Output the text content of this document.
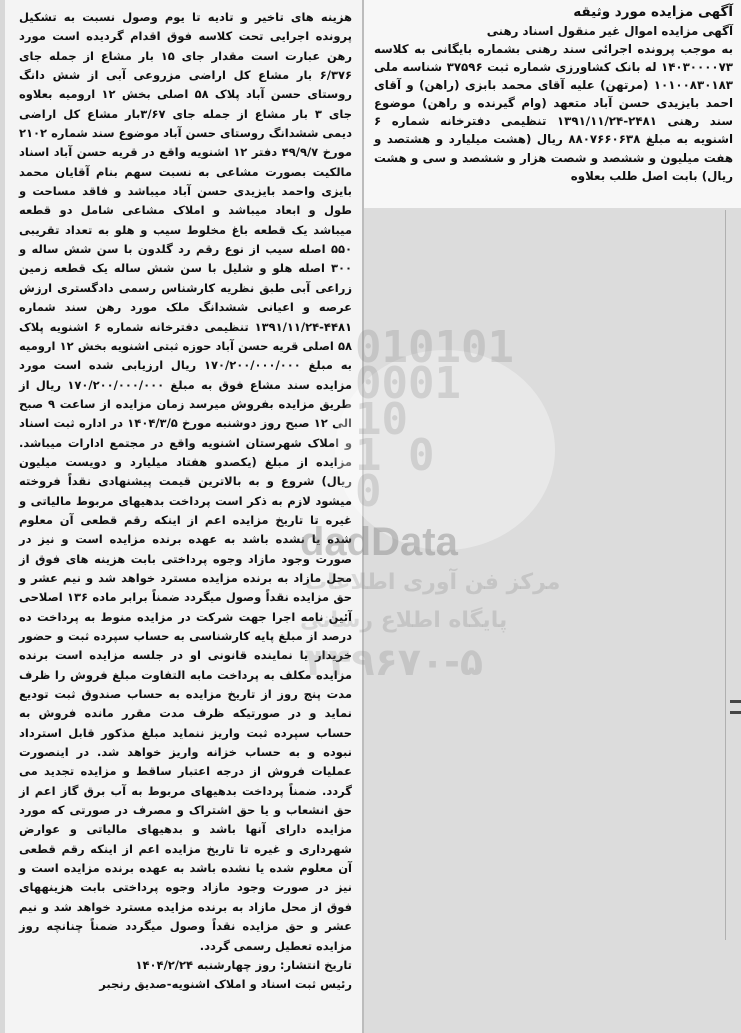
هزینه های تاخیر و تادیه تا یوم وصول نسبت به تشکیل پرونده اجرایی تحت کلاسه فوق اقدام گردیده است مورد رهن عبارت است مقدار جای ۱۵ بار مشاع از جمله جای ۶/۳۷۶ بار مشاع کل اراضی مزروعی آبی از شش دانگ روستای حسن آباد پلاک ۵۸ اصلی بخش ۱۲ ارومیه بعلاوه جای ۳ بار مشاع از جمله جای ۳/۶۷بار مشاع کل اراضی دیمی ششدانگ روستای حسن آباد موضوع سند شماره ۲۱۰۲ مورخ ۴۹/۹/۷ دفتر ۱۲ اشنویه واقع در قریه حسن آباد اسناد مالکیت بصورت مشاعی به نسبت سهم بنام آقایان محمد بایزی واحمد بایزیدی حسن آباد میباشد و فاقد مساحت و طول و ابعاد میباشد و املاک مشاعی شامل دو قطعه میباشد یک قطعه باغ مخلوط سیب و هلو به تعداد تقریبی ۵۵۰ اصله سیب از نوع رقم رد گلدون با سن شش ساله و ۳۰۰ اصله هلو و شلیل با سن شش ساله یک قطعه زمین زراعی آبی طبق نظریه کارشناس رسمی دادگستری ارزش عرصه و اعیانی ششدانگ ملک مورد رهن سند شماره ۴۴۸۱-۱۳۹۱/۱۱/۲۴ تنظیمی دفترخانه شماره ۶ اشنویه پلاک ۵۸ اصلی قریه حسن آباد حوزه ثبتی اشنویه بخش ۱۲ ارومیه به مبلغ ۱۷۰/۲۰۰/۰۰۰/۰۰۰ ریال ارزیابی شده است مورد مزایده سند مشاع فوق به مبلغ ۱۷۰/۲۰۰/۰۰۰/۰۰۰ ریال از طریق مزایده بفروش میرسد زمان مزایده از ساعت ۹ صبح الی ۱۲ صبح روز دوشنبه مورخ ۱۴۰۴/۳/۵ در اداره ثبت اسناد و املاک شهرستان اشنویه واقع در مجتمع ادارات میباشد. مزایده از مبلغ (یکصدو هفتاد میلیارد و دویست میلیون ریال) شروع و به بالاترین قیمت پیشنهادی نقداً فروخته میشود لازم به ذکر است پرداخت بدهیهای مربوط مالیاتی و غیره تا تاریخ مزایده اعم از اینکه رقم قطعی آن معلوم شده یا نشده باشد به عهده برنده مزایده است و نیز در صورت وجود مازاد وجوه پرداختی بابت هزینه های فوق از محل مازاد به برنده مزایده مسترد خواهد شد و نیم عشر و حق مزایده نقداً وصول میگردد ضمناً برابر ماده ۱۳۶ اصلاحی آئین نامه اجرا جهت شرکت در مزایده منوط به پرداخت ده درصد از مبلغ پایه کارشناسی به حساب سپرده ثبت و حضور خریدار یا نماینده قانونی او در جلسه مزایده است برنده مزایده مکلف به پرداخت مابه التفاوت مبلغ فروش را ظرف مدت پنج روز از تاریخ مزایده به حساب صندوق ثبت تودیع نماید و در صورتیکه ظرف مدت مقرر مانده فروش به حساب سپرده ثبت واریز ننماید مبلغ مذکور قابل استرداد نبوده و به حساب خزانه واریز خواهد شد. در اینصورت عملیات فروش از درجه اعتبار ساقط و مزایده تجدید می گردد. ضمناً پرداخت بدهیهای مربوط به آب برق گاز اعم از حق انشعاب و یا حق اشتراک و مصرف در صورتی که مورد مزایده دارای آنها باشد و بدهیهای مالیاتی و عوارض شهرداری و غیره تا تاریخ مزایده اعم از اینکه رقم قطعی آن معلوم شده یا نشده باشد به عهده برنده مزایده است و نیز در صورت وجود مازاد وجوه پرداختی بابت هزینههای فوق از محل مازاد به برنده مزایده مسترد خواهد شد و نیم عشر و حق مزایده نقداً وصول میگردد ضمناً چنانچه روز مزایده تعطیل رسمی گردد.

تاریخ انتشار: روز چهارشنبه ۱۴۰۴/۲/۲۴

رئیس ثبت اسناد و املاک اشنویه-صدیق رنجبر

آگهی مزایده مورد وثیقه

آگهی مزایده اموال غیر منقول اسناد رهنی

به موجب پرونده اجرائی سند رهنی بشماره بایگانی به کلاسه ۱۴۰۳۰۰۰۰۷۳ له بانک کشاورزی شماره ثبت ۳۷۵۹۶ شناسه ملی ۱۰۱۰۰۸۳۰۱۸۳ (مرتهن) علیه آقای محمد بابزی (راهن) و آقای احمد بایزیدی حسن آباد متعهد (وام گیرنده و راهن) موضوع سند رهنی ۲۴۸۱-۱۳۹۱/۱۱/۲۴ تنظیمی دفترخانه شماره ۶ اشنویه به مبلغ ۸۸۰۷۶۶۰۶۳۸ ریال (هشت میلیارد و هشتصد و هفت میلیون و ششصد و شصت هزار و ششصد و سی و هشت ریال) بابت اصل طلب بعلاوه

010101
0001
10
1 0
0
dadData
مرکز فن آوری اطلاعات
پایگاه اطلاع رسانی
۳۴۹۶۷۰-۵
